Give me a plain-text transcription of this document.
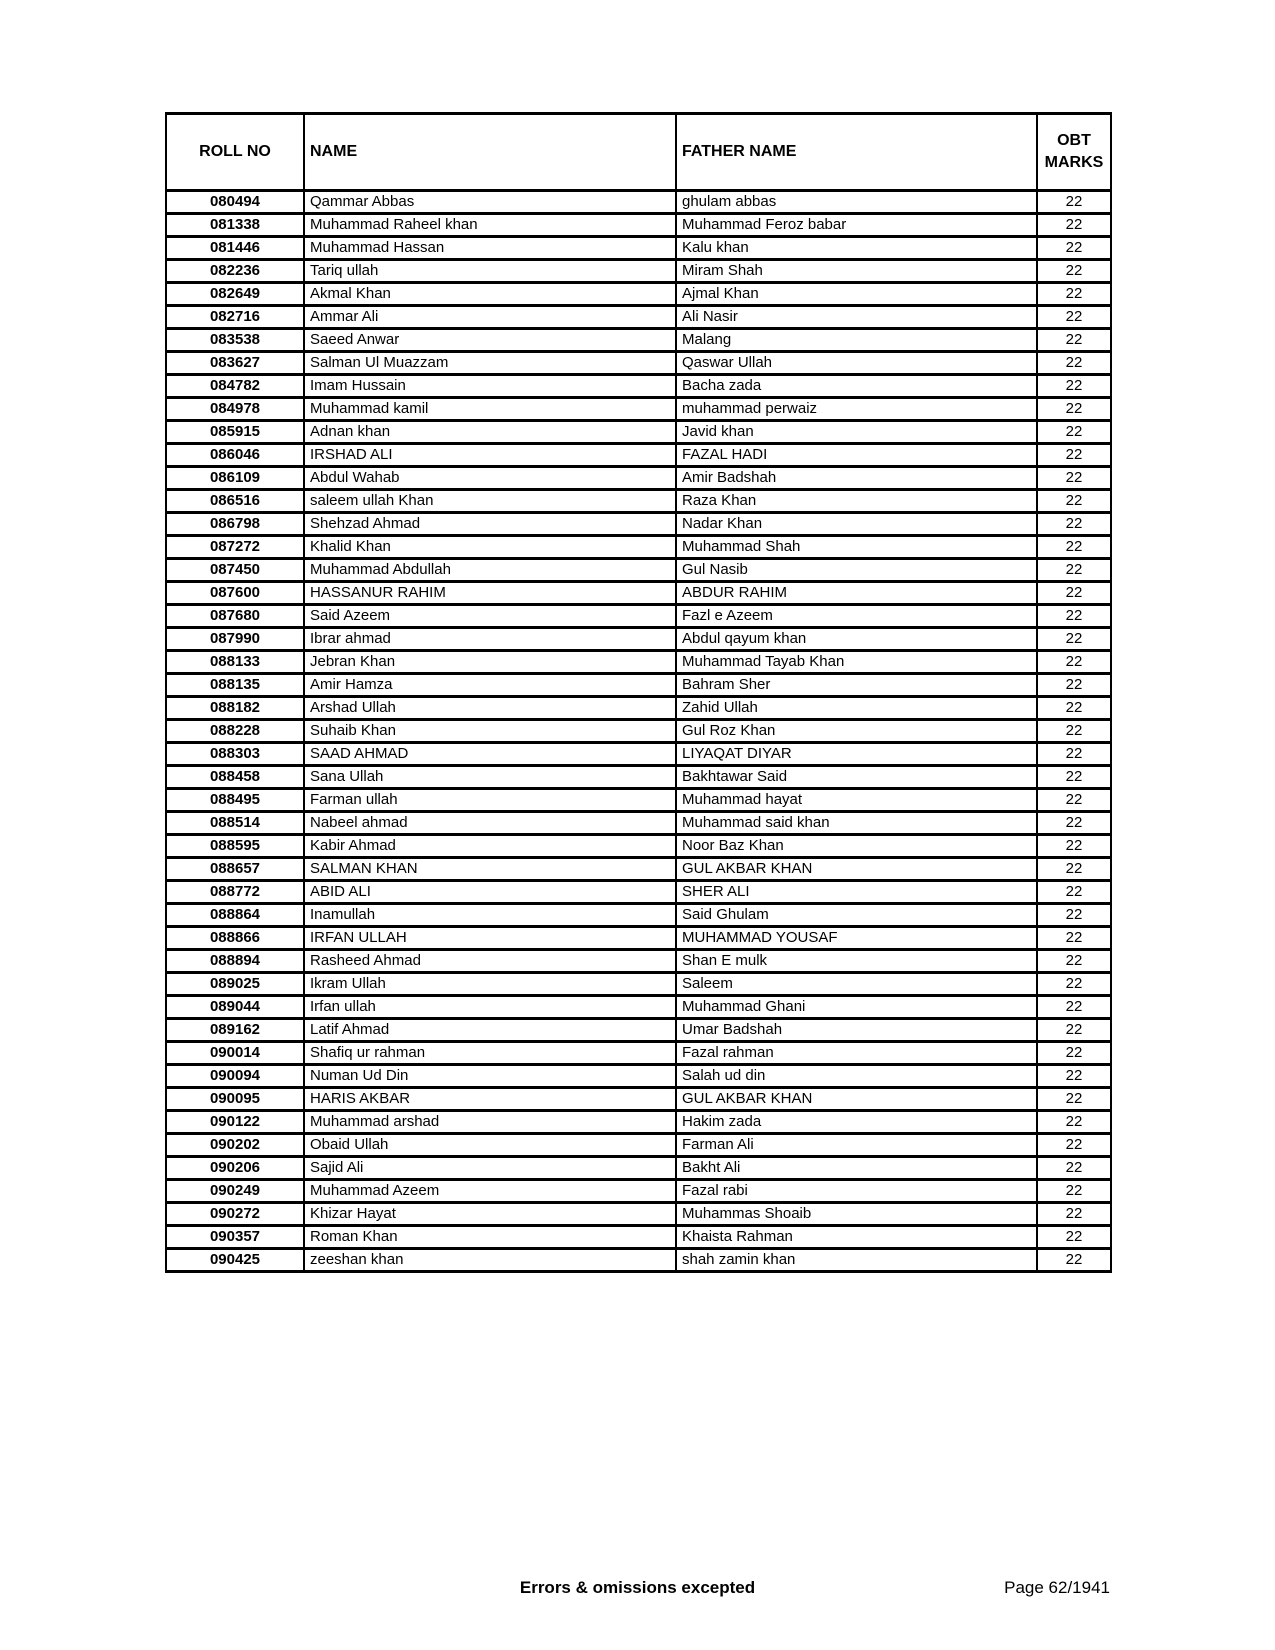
ROLL NO	NAME	FATHER NAME	OBT MARKS
080494	Qammar Abbas	ghulam abbas	22
081338	Muhammad Raheel khan	Muhammad Feroz babar	22
081446	Muhammad Hassan	Kalu khan	22
082236	Tariq ullah	Miram Shah	22
082649	Akmal Khan	Ajmal Khan	22
082716	Ammar Ali	Ali Nasir	22
083538	Saeed Anwar	Malang	22
083627	Salman Ul Muazzam	Qaswar Ullah	22
084782	Imam Hussain	Bacha zada	22
084978	Muhammad kamil	muhammad perwaiz	22
085915	Adnan khan	Javid khan	22
086046	IRSHAD ALI	FAZAL HADI	22
086109	Abdul Wahab	Amir Badshah	22
086516	saleem ullah Khan	Raza Khan	22
086798	Shehzad Ahmad	Nadar Khan	22
087272	Khalid Khan	Muhammad Shah	22
087450	Muhammad Abdullah	Gul Nasib	22
087600	HASSANUR RAHIM	ABDUR RAHIM	22
087680	Said Azeem	Fazl e Azeem	22
087990	Ibrar ahmad	Abdul qayum khan	22
088133	Jebran Khan	Muhammad Tayab Khan	22
088135	Amir Hamza	Bahram Sher	22
088182	Arshad Ullah	Zahid Ullah	22
088228	Suhaib Khan	Gul Roz Khan	22
088303	SAAD AHMAD	LIYAQAT DIYAR	22
088458	Sana Ullah	Bakhtawar Said	22
088495	Farman ullah	Muhammad hayat	22
088514	Nabeel ahmad	Muhammad said khan	22
088595	Kabir Ahmad	Noor Baz Khan	22
088657	SALMAN KHAN	GUL AKBAR KHAN	22
088772	ABID ALI	SHER ALI	22
088864	Inamullah	Said Ghulam	22
088866	IRFAN ULLAH	MUHAMMAD YOUSAF	22
088894	Rasheed Ahmad	Shan E mulk	22
089025	Ikram Ullah	Saleem	22
089044	Irfan ullah	Muhammad Ghani	22
089162	Latif Ahmad	Umar Badshah	22
090014	Shafiq ur rahman	Fazal rahman	22
090094	Numan Ud Din	Salah ud din	22
090095	HARIS AKBAR	GUL AKBAR KHAN	22
090122	Muhammad arshad	Hakim zada	22
090202	Obaid Ullah	Farman Ali	22
090206	Sajid Ali	Bakht Ali	22
090249	Muhammad Azeem	Fazal rabi	22
090272	Khizar Hayat	Muhammas Shoaib	22
090357	Roman Khan	Khaista Rahman	22
090425	zeeshan khan	shah zamin khan	22
Errors & omissions excepted	Page 62/1941
